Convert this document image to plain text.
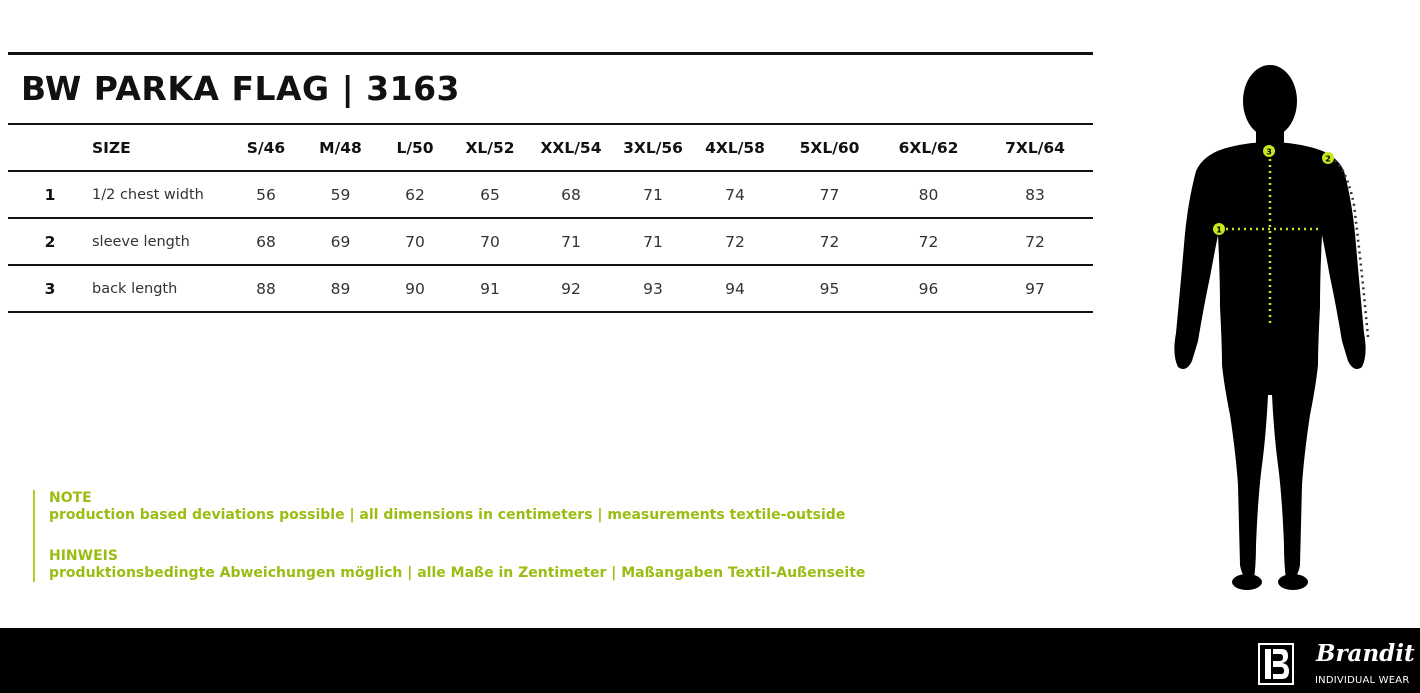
BW PARKA FLAG | 3163
	SIZE	S/46	M/48	L/50	XL/52	XXL/54	3XL/56	4XL/58	5XL/60	6XL/62	7XL/64
1	1/2 chest width	56	59	62	65	68	71	74	77	80	83
2	sleeve length	68	69	70	70	71	71	72	72	72	72
3	back length	88	89	90	91	92	93	94	95	96	97
NOTE
production based deviations possible | all dimensions in centimeters | measurements textile-outside
HINWEIS
produktionsbedingte Abweichungen möglich | alle Maße in Zentimeter | Maßangaben Textil-Außenseite
1
2
3
Brandit
INDIVIDUAL WEAR
